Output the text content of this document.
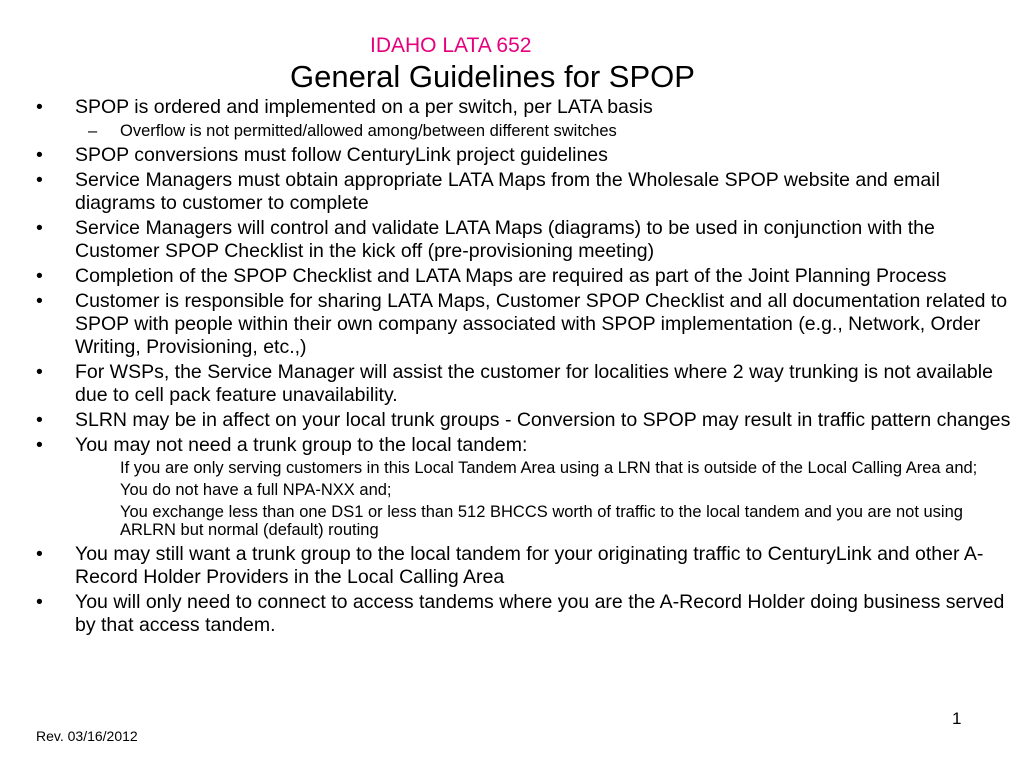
IDAHO LATA 652
General Guidelines for SPOP
•	SPOP is ordered and implemented on a per switch, per LATA basis
– Overflow is not permitted/allowed among/between different switches
•	SPOP conversions must follow CenturyLink project guidelines
•	Service Managers must obtain appropriate LATA Maps from the Wholesale SPOP website and email diagrams to customer to complete
•	Service Managers will control and validate LATA Maps (diagrams) to be used in conjunction with the Customer SPOP Checklist in the kick off (pre-provisioning meeting)
•	Completion of the SPOP Checklist and LATA Maps are required as part of the Joint Planning Process
•	Customer is responsible for sharing LATA Maps, Customer SPOP Checklist and all documentation related to SPOP with people within their own company associated with SPOP implementation (e.g., Network, Order Writing, Provisioning, etc.,)
•	For WSPs, the Service Manager will assist the customer for localities where 2 way trunking is not available due to cell pack feature unavailability.
•	SLRN may be in affect on your local trunk groups - Conversion to SPOP may result in traffic pattern changes
•	You may not need a trunk group to the local tandem:
If you are only serving customers in this Local Tandem Area using a LRN that is outside of the Local Calling Area and;
You do not have a full NPA-NXX and;
You exchange less than one DS1 or less than 512 BHCCS worth of traffic to the local tandem and you are not using ARLRN but normal (default) routing
•	You may still want a trunk group to the local tandem for your originating traffic to CenturyLink and other A-Record Holder Providers in the Local Calling Area
•	You will only need to connect to access tandems where you are the A-Record Holder doing business served by that access tandem.
1
Rev. 03/16/2012
